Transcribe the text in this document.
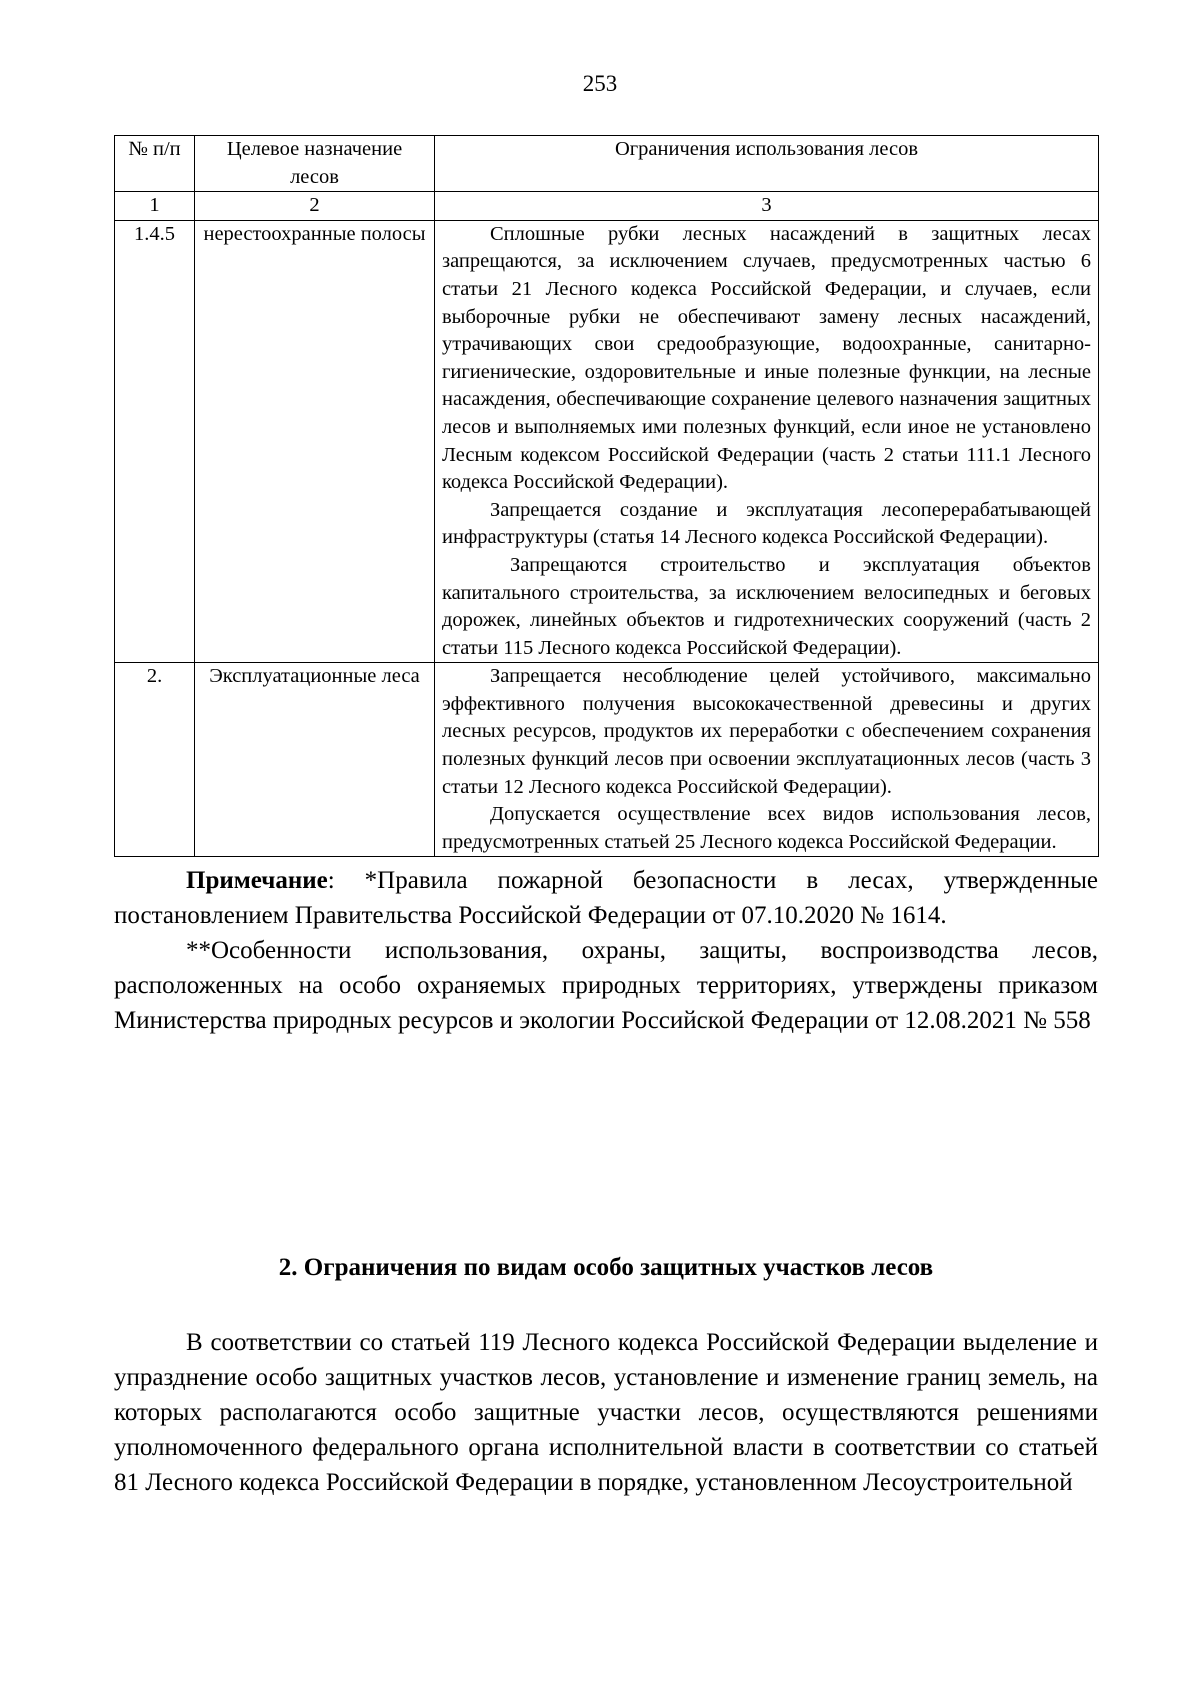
253
№ п/п	Целевое назначение лесов	Ограничения использования лесов
1	2	3
1.4.5	нерестоохранные полосы	Сплошные рубки лесных насаждений в защитных лесах запрещаются, за исключением случаев, предусмотренных частью 6 статьи 21 Лесного кодекса Российской Федерации, и случаев, если выборочные рубки не обеспечивают замену лесных насаждений, утрачивающих свои средообразующие, водоохранные, санитарно-гигиенические, оздоровительные и иные полезные функции, на лесные насаждения, обеспечивающие сохранение целевого назначения защитных лесов и выполняемых ими полезных функций, если иное не установлено Лесным кодексом Российской Федерации (часть 2 статьи 111.1 Лесного кодекса Российской Федерации).

Запрещается создание и эксплуатация лесоперерабатывающей инфраструктуры (статья 14 Лесного кодекса Российской Федерации).

Запрещаются строительство и эксплуатация объектов капитального строительства, за исключением велосипедных и беговых дорожек, линейных объектов и гидротехнических сооружений (часть 2 статьи 115 Лесного кодекса Российской Федерации).

2.	Эксплуатационные леса	Запрещается несоблюдение целей устойчивого, максимально эффективного получения высококачественной древесины и других лесных ресурсов, продуктов их переработки с обеспечением сохранения полезных функций лесов при освоении эксплуатационных лесов (часть 3 статьи 12 Лесного кодекса Российской Федерации).

Допускается осуществление всех видов использования лесов, предусмотренных статьей 25 Лесного кодекса Российской Федерации.

Примечание: *Правила пожарной безопасности в лесах, утвержденные постановлением Правительства Российской Федерации от 07.10.2020 № 1614.

**Особенности использования, охраны, защиты, воспроизводства лесов, расположенных на особо охраняемых природных территориях, утверждены приказом Министерства природных ресурсов и экологии Российской Федерации от 12.08.2021 № 558

2. Ограничения по видам особо защитных участков лесов

В соответствии со статьей 119 Лесного кодекса Российской Федерации выделение и упразднение особо защитных участков лесов, установление и изменение границ земель, на которых располагаются особо защитные участки лесов, осуществляются решениями уполномоченного федерального органа исполнительной власти в соответствии со статьей 81 Лесного кодекса Российской Федерации в порядке, установленном Лесоустроительной
